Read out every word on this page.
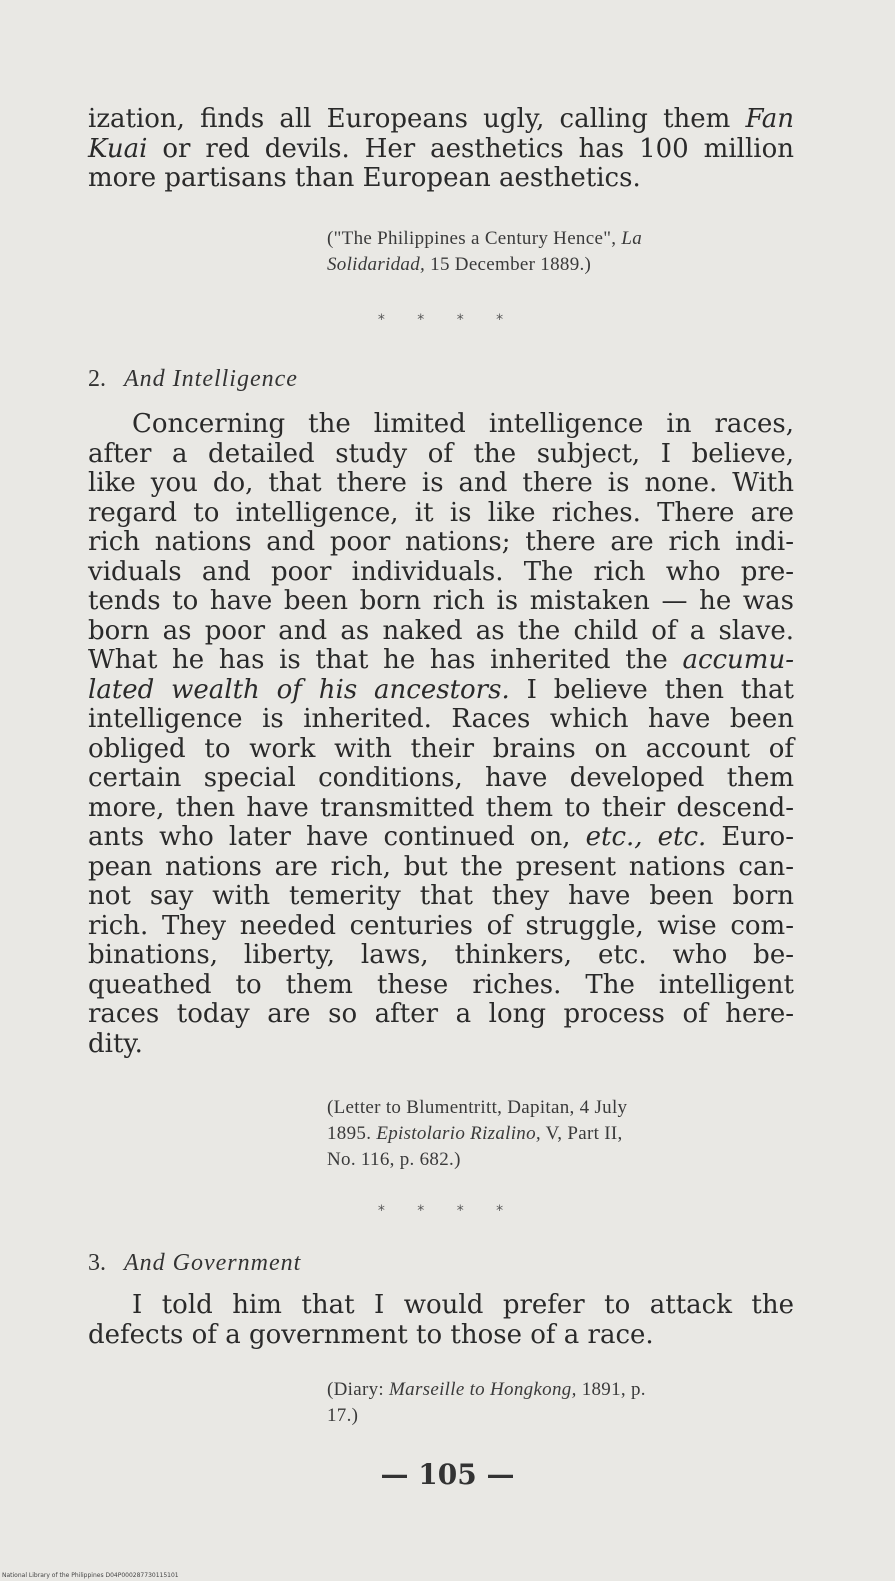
ization, finds all Europeans ugly, calling them Fan
Kuai or red devils. Her aesthetics has 100 million
more partisans than European aesthetics.
("The Philippines a Century Hence", La
Solidaridad, 15 December 1889.)
* * * *
2. And Intelligence
Concerning the limited intelligence in races,
after a detailed study of the subject, I believe,
like you do, that there is and there is none. With
regard to intelligence, it is like riches. There are
rich nations and poor nations; there are rich indi-
viduals and poor individuals. The rich who pre-
tends to have been born rich is mistaken — he was
born as poor and as naked as the child of a slave.
What he has is that he has inherited the accumu-
lated wealth of his ancestors. I believe then that
intelligence is inherited. Races which have been
obliged to work with their brains on account of
certain special conditions, have developed them
more, then have transmitted them to their descend-
ants who later have continued on, etc., etc. Euro-
pean nations are rich, but the present nations can-
not say with temerity that they have been born
rich. They needed centuries of struggle, wise com-
binations, liberty, laws, thinkers, etc. who be-
queathed to them these riches. The intelligent
races today are so after a long process of here-
dity.
(Letter to Blumentritt, Dapitan, 4 July
1895. Epistolario Rizalino, V, Part II,
No. 116, p. 682.)
* * * *
3. And Government
I told him that I would prefer to attack the
defects of a government to those of a race.
(Diary: Marseille to Hongkong, 1891, p.
17.)
— 105 —
National Library of the Philippines D04P000287730115101
